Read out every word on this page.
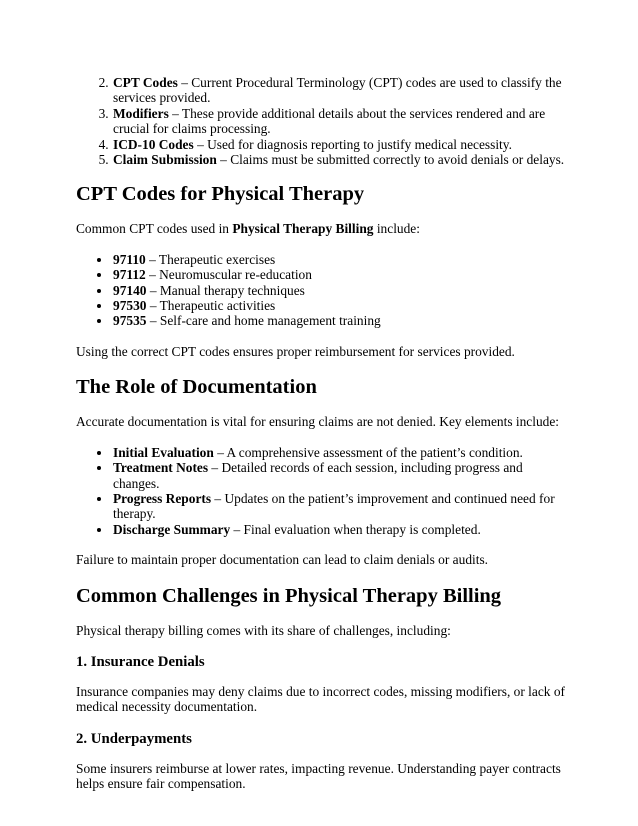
2. CPT Codes – Current Procedural Terminology (CPT) codes are used to classify the services provided.
3. Modifiers – These provide additional details about the services rendered and are crucial for claims processing.
4. ICD-10 Codes – Used for diagnosis reporting to justify medical necessity.
5. Claim Submission – Claims must be submitted correctly to avoid denials or delays.
CPT Codes for Physical Therapy

Common CPT codes used in Physical Therapy Billing include:

• 97110 – Therapeutic exercises
• 97112 – Neuromuscular re-education
• 97140 – Manual therapy techniques
• 97530 – Therapeutic activities
• 97535 – Self-care and home management training

Using the correct CPT codes ensures proper reimbursement for services provided.

The Role of Documentation

Accurate documentation is vital for ensuring claims are not denied. Key elements include:

• Initial Evaluation – A comprehensive assessment of the patient’s condition.
• Treatment Notes – Detailed records of each session, including progress and changes.
• Progress Reports – Updates on the patient’s improvement and continued need for therapy.
• Discharge Summary – Final evaluation when therapy is completed.

Failure to maintain proper documentation can lead to claim denials or audits.

Common Challenges in Physical Therapy Billing

Physical therapy billing comes with its share of challenges, including:

1. Insurance Denials

Insurance companies may deny claims due to incorrect codes, missing modifiers, or lack of medical necessity documentation.

2. Underpayments

Some insurers reimburse at lower rates, impacting revenue. Understanding payer contracts helps ensure fair compensation.
